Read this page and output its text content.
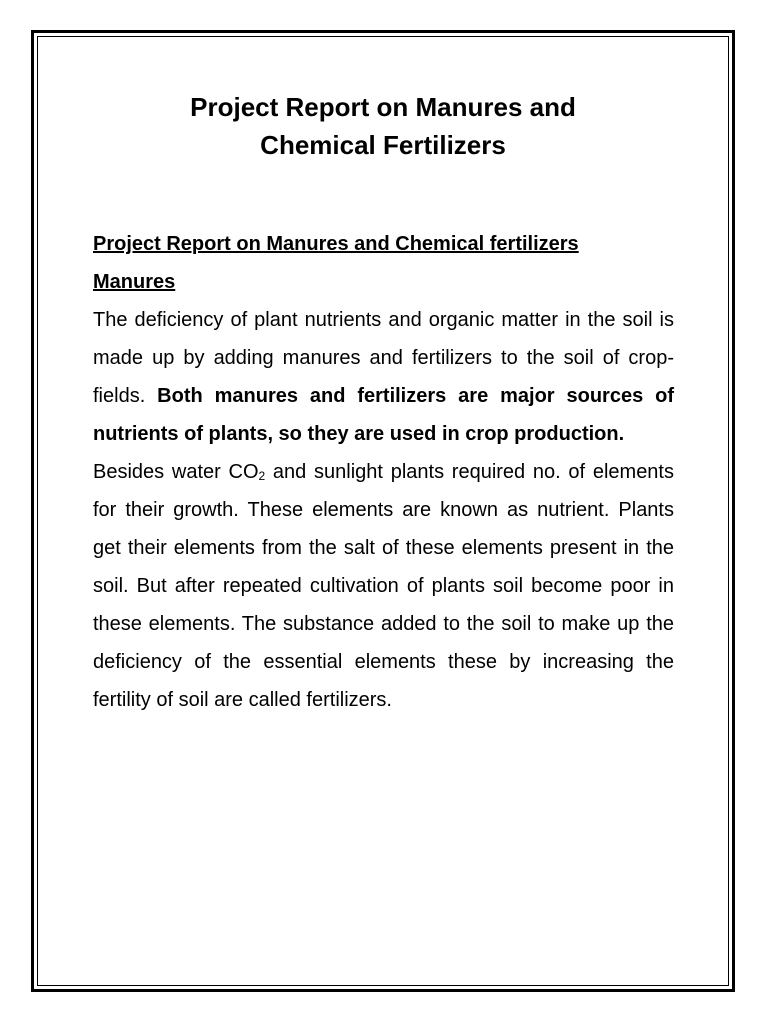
Project Report on Manures and
Chemical Fertilizers

Project Report on Manures and Chemical fertilizers

Manures

The deficiency of plant nutrients and organic matter in the soil is made up by adding manures and fertilizers to the soil of crop-fields. Both manures and fertilizers are major sources of nutrients of plants, so they are used in crop production.

Besides water $CO_2$ and sunlight plants required no. of elements for their growth. These elements are known as nutrient. Plants get their elements from the salt of these elements present in the soil. But after repeated cultivation of plants soil become poor in these elements. The substance added to the soil to make up the deficiency of the essential elements these by increasing the fertility of soil are called fertilizers.
